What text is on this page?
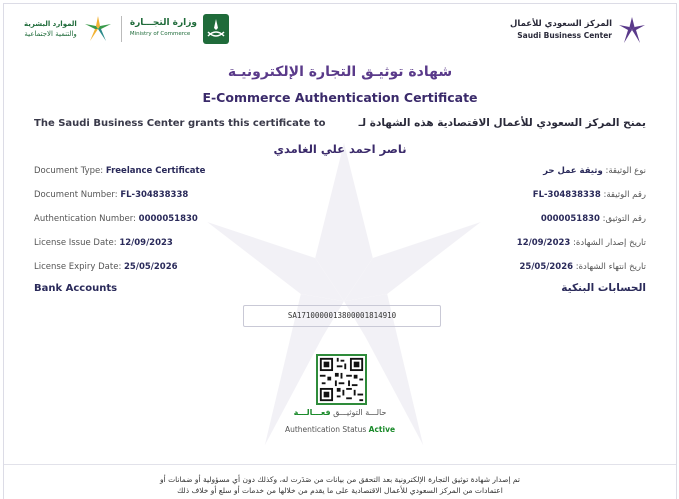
الموارد البشرية
والتنمية الاجتماعية
وزارة التجـــارة
Ministry of Commerce
المركز السعودي للأعمال
Saudi Business Center
شهادة توثيـق التجارة الإلكترونيـة
E-Commerce Authentication Certificate
The Saudi Business Center grants this certificate to	يمنح المركز السعودي للأعمال الاقتصادية هذه الشهادة لـ
ناصر احمد علي الغامدي
Document Type: Freelance Certificate
Document Number: FL-304838338
Authentication Number: 0000051830
License Issue Date: 12/09/2023
License Expiry Date: 25/05/2026
نوع الوثيقة: وثيقة عمل حر
رقم الوثيقة: FL-304838338
رقم التوثيق: 0000051830
تاريخ إصدار الشهادة: 12/09/2023
تاريخ انتهاء الشهادة: 25/05/2026
Bank Accounts	الحسابات البنكية
SA1710000013800001814910
حالـــة التوثيـــق فعـــالـــة
Authentication Status Active
تم إصدار شهادة توثيق التجارة الإلكترونية بعد التحقق من بيانات من صَدَرت له، وكذلك دون أي مسؤولية أو ضمانات أو
اعتمادات من المركز السعودي للأعمال الاقتصادية على ما يقدم من خلالها من خدمات أو سلع أو خلاف ذلك
